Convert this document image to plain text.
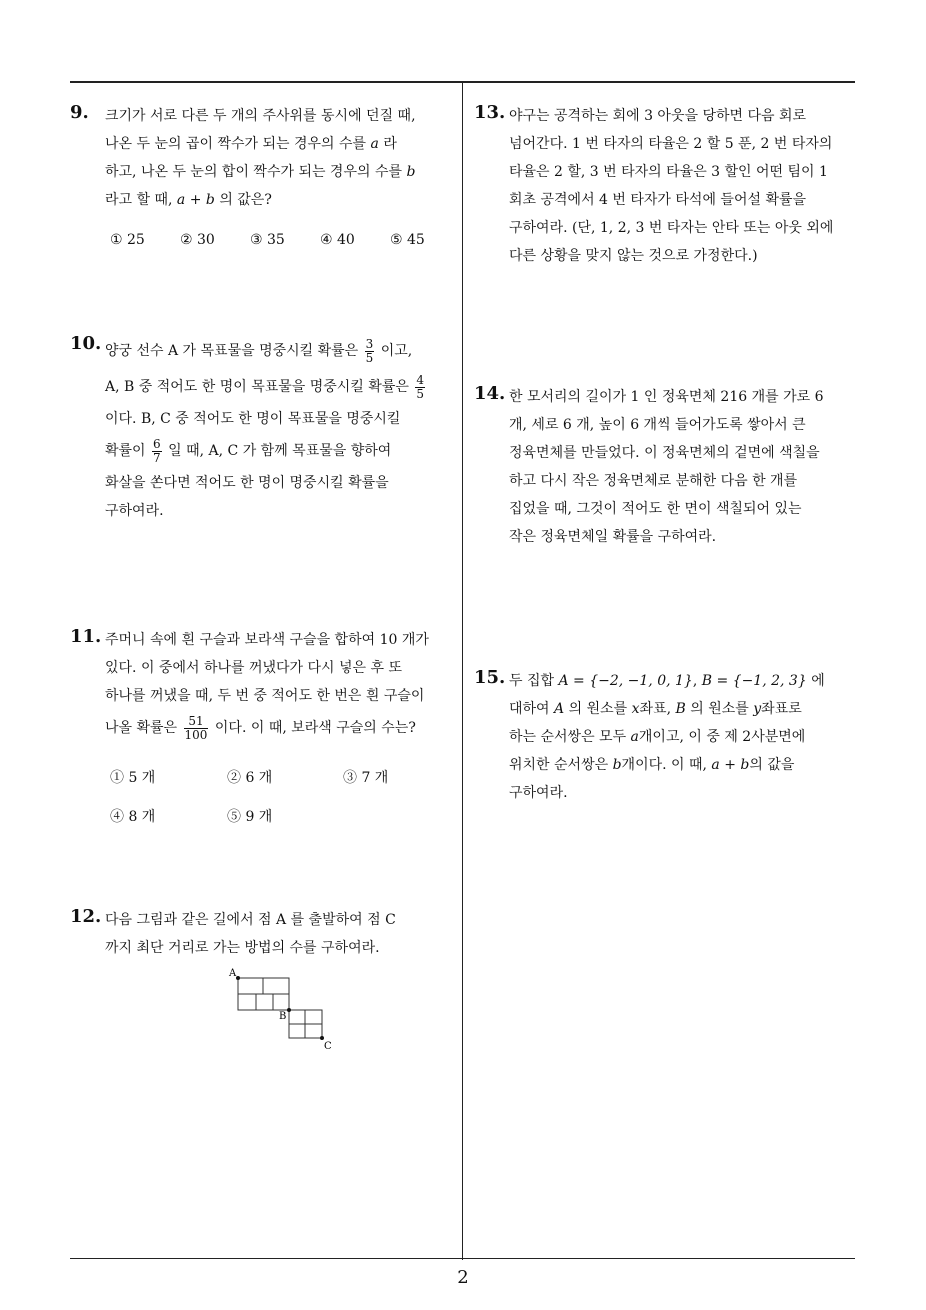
9. 크기가 서로 다른 두 개의 주사위를 동시에 던질 때,
나온 두 눈의 곱이 짝수가 되는 경우의 수를 a 라
하고, 나온 두 눈의 합이 짝수가 되는 경우의 수를 b
라고 할 때, a + b 의 값은?
① 25	② 30	③ 35	④ 40	⑤ 45
10. 양궁 선수 A 가 목표물을 명중시킬 확률은 $\frac{3}{5}$ 이고,
A, B 중 적어도 한 명이 목표물을 명중시킬 확률은 $\frac{4}{5}$
이다. B, C 중 적어도 한 명이 목표물을 명중시킬
확률이 $\frac{6}{7}$ 일 때, A, C 가 함께 목표물을 향하여
화살을 쏜다면 적어도 한 명이 명중시킬 확률을
구하여라.
11. 주머니 속에 흰 구슬과 보라색 구슬을 합하여 10 개가
있다. 이 중에서 하나를 꺼냈다가 다시 넣은 후 또
하나를 꺼냈을 때, 두 번 중 적어도 한 번은 흰 구슬이
나올 확률은 $\frac{51}{100}$ 이다. 이 때, 보라색 구슬의 수는?
① 5 개	② 6 개	③ 7 개
④ 8 개	⑤ 9 개
12. 다음 그림과 같은 길에서 점 A 를 출발하여 점 C
까지 최단 거리로 가는 방법의 수를 구하여라.
A
B
C
13. 야구는 공격하는 회에 3 아웃을 당하면 다음 회로
넘어간다. 1 번 타자의 타율은 2 할 5 푼, 2 번 타자의
타율은 2 할, 3 번 타자의 타율은 3 할인 어떤 팀이 1
회초 공격에서 4 번 타자가 타석에 들어설 확률을
구하여라. (단, 1, 2, 3 번 타자는 안타 또는 아웃 외에
다른 상황을 맞지 않는 것으로 가정한다.)
14. 한 모서리의 길이가 1 인 정육면체 216 개를 가로 6
개, 세로 6 개, 높이 6 개씩 들어가도록 쌓아서 큰
정육면체를 만들었다. 이 정육면체의 겉면에 색칠을
하고 다시 작은 정육면체로 분해한 다음 한 개를
집었을 때, 그것이 적어도 한 면이 색칠되어 있는
작은 정육면체일 확률을 구하여라.
15. 두 집합 A = {−2, −1, 0, 1}, B = {−1, 2, 3} 에
대하여 A 의 원소를 x좌표, B 의 원소를 y좌표로
하는 순서쌍은 모두 a개이고, 이 중 제 2사분면에
위치한 순서쌍은 b개이다. 이 때, a + b의 값을
구하여라.
2
